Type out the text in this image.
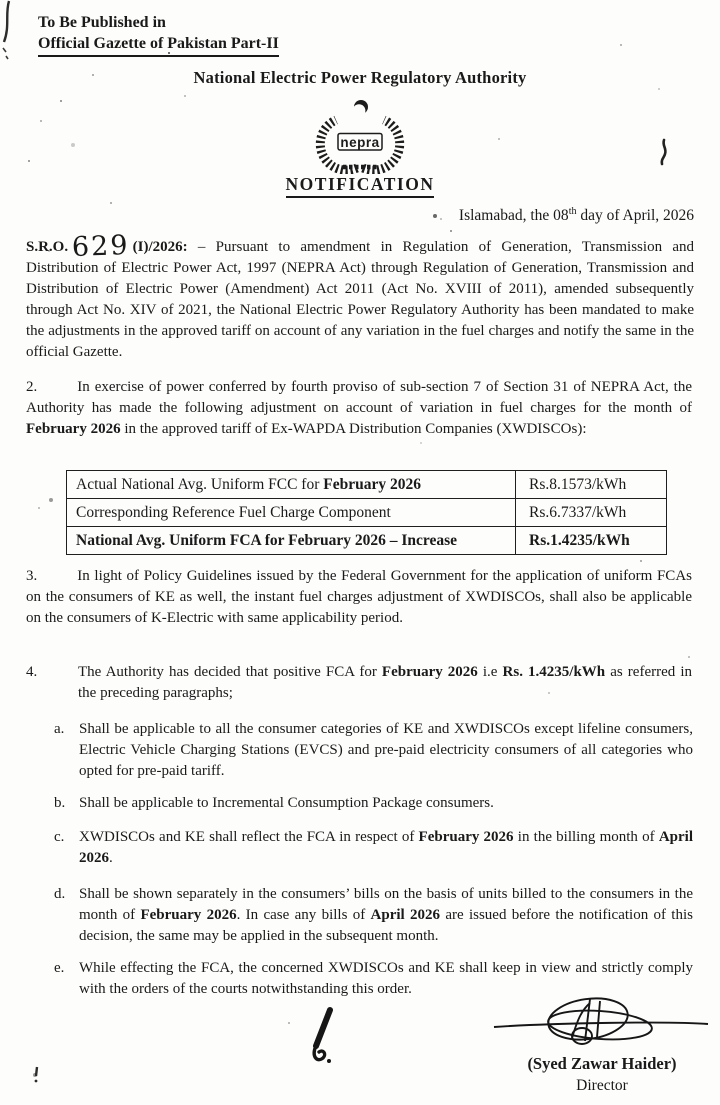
To Be Published in
Official Gazette of Pakistan Part-II
National Electric Power Regulatory Authority
nepra
NOTIFICATION
Islamabad, the 08th day of April, 2026
S.R.O. 629 (I)/2026: – Pursuant to amendment in Regulation of Generation, Transmission and Distribution of Electric Power Act, 1997 (NEPRA Act) through Regulation of Generation, Transmission and Distribution of Electric Power (Amendment) Act 2011 (Act No. XVIII of 2011), amended subsequently through Act No. XIV of 2021, the National Electric Power Regulatory Authority has been mandated to make the adjustments in the approved tariff on account of any variation in the fuel charges and notify the same in the official Gazette.
2.	In exercise of power conferred by fourth proviso of sub-section 7 of Section 31 of NEPRA Act, the Authority has made the following adjustment on account of variation in fuel charges for the month of February 2026 in the approved tariff of Ex-WAPDA Distribution Companies (XWDISCOs):
Actual National Avg. Uniform FCC for February 2026	Rs.8.1573/kWh
Corresponding Reference Fuel Charge Component	Rs.6.7337/kWh
National Avg. Uniform FCA for February 2026 – Increase	Rs.1.4235/kWh
3.	In light of Policy Guidelines issued by the Federal Government for the application of uniform FCAs on the consumers of KE as well, the instant fuel charges adjustment of XWDISCOs, shall also be applicable on the consumers of K-Electric with same applicability period.
4.	The Authority has decided that positive FCA for February 2026 i.e Rs. 1.4235/kWh as referred in the preceding paragraphs;
a. Shall be applicable to all the consumer categories of KE and XWDISCOs except lifeline consumers, Electric Vehicle Charging Stations (EVCS) and pre-paid electricity consumers of all categories who opted for pre-paid tariff.
b. Shall be applicable to Incremental Consumption Package consumers.
c. XWDISCOs and KE shall reflect the FCA in respect of February 2026 in the billing month of April 2026.
d. Shall be shown separately in the consumers’ bills on the basis of units billed to the consumers in the month of February 2026. In case any bills of April 2026 are issued before the notification of this decision, the same may be applied in the subsequent month.
e. While effecting the FCA, the concerned XWDISCOs and KE shall keep in view and strictly comply with the orders of the courts notwithstanding this order.
(Syed Zawar Haider)
Director
